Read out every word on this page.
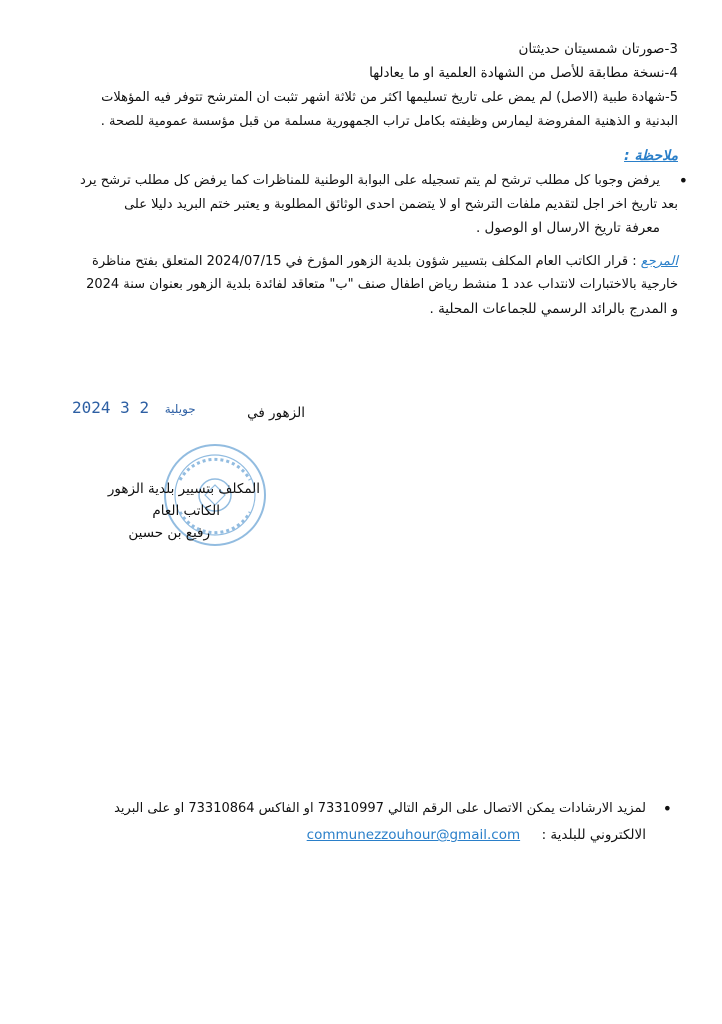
3-صورتان شمسيتان حديثتان
4-نسخة مطابقة للأصل من الشهادة العلمية او ما يعادلها
5-شهادة طبية (الاصل) لم يمض على تاريخ تسليمها اكثر من ثلاثة اشهر تثبت ان المترشح تتوفر فيه المؤهلات
البدنية و الذهنية المفروضة ليمارس وظيفته بكامل تراب الجمهورية مسلمة من قبل مؤسسة عمومية للصحة .
ملاحظة :
•
يرفض وجوبا كل مطلب ترشح لم يتم تسجيله على البوابة الوطنية للمناظرات كما يرفض كل مطلب ترشح يرد
بعد تاريخ اخر اجل لتقديم ملفات الترشح او لا يتضمن احدى الوثائق المطلوبة و يعتبر ختم البريد دليلا على
معرفة تاريخ الارسال او الوصول .
المرجع : قرار الكاتب العام المكلف بتسيير شؤون بلدية الزهور المؤرخ في 2024/07/15 المتعلق بفتح مناظرة
خارجية بالاختبارات لانتداب عدد 1 منشط رياض اطفال صنف "ب" متعاقد لفائدة بلدية الزهور بعنوان سنة 2024
و المدرج بالرائد الرسمي للجماعات المحلية .
2024	جويلية 2 3	الزهور في
المكلف بتسيير بلدية الزهور
الكاتب العام
رفيع بن حسين
•
لمزيد الارشادات يمكن الاتصال على الرقم التالي 73310997 او الفاكس 73310864 او على البريد
الالكتروني للبلدية :     communezzouhour@gmail.com
